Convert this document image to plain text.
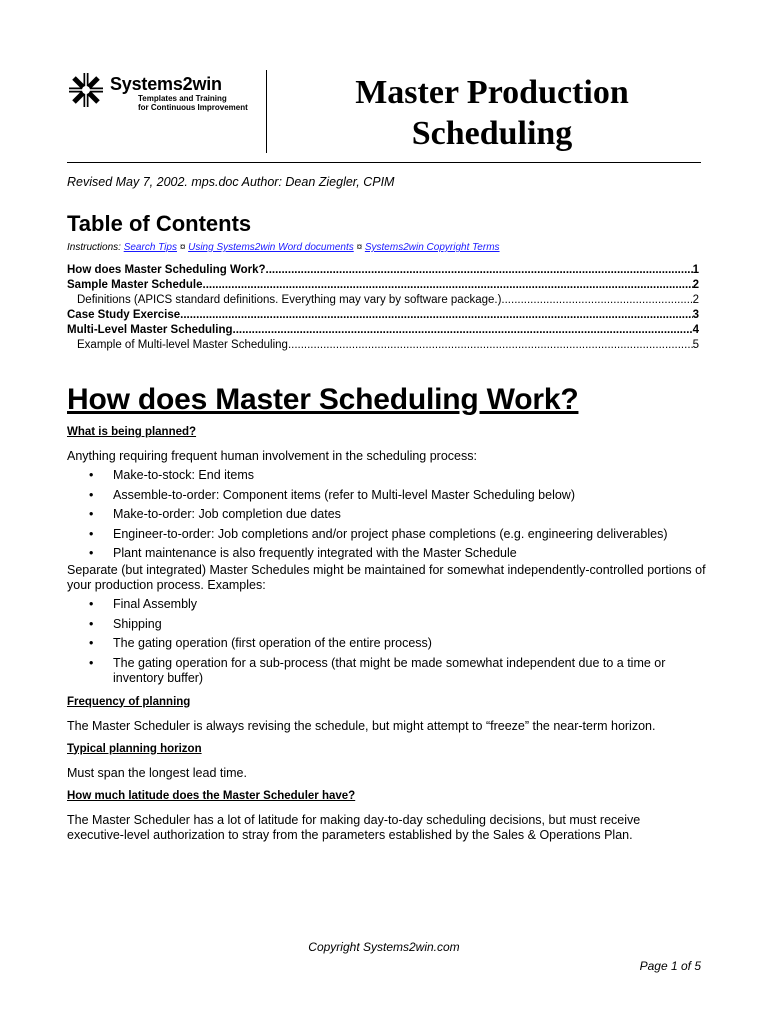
Systems2win
Templates and Training
for Continuous Improvement	Master Production
Scheduling
Revised May 7, 2002. mps.doc Author: Dean Ziegler, CPIM
Table of Contents
Instructions: Search Tips ¤ Using Systems2win Word documents ¤ Systems2win Copyright Terms
How does Master Scheduling Work? .....	1
Sample Master Schedule .....	2
Definitions (APICS standard definitions. Everything may vary by software package.) .....	2
Case Study Exercise .....	3
Multi-Level Master Scheduling .....	4
Example of Multi-level Master Scheduling .....	5
How does Master Scheduling Work?
What is being planned?
Anything requiring frequent human involvement in the scheduling process:
• Make-to-stock: End items
• Assemble-to-order: Component items (refer to Multi-level Master Scheduling below)
• Make-to-order: Job completion due dates
• Engineer-to-order: Job completions and/or project phase completions (e.g. engineering deliverables)
• Plant maintenance is also frequently integrated with the Master Schedule
Separate (but integrated) Master Schedules might be maintained for somewhat independently-controlled portions of your production process. Examples:
• Final Assembly
• Shipping
• The gating operation (first operation of the entire process)
• The gating operation for a sub-process (that might be made somewhat independent due to a time or inventory buffer)
Frequency of planning
The Master Scheduler is always revising the schedule, but might attempt to “freeze” the near-term horizon.
Typical planning horizon
Must span the longest lead time.
How much latitude does the Master Scheduler have?
The Master Scheduler has a lot of latitude for making day-to-day scheduling decisions, but must receive executive-level authorization to stray from the parameters established by the Sales & Operations Plan.
Copyright Systems2win.com
Page 1 of 5
